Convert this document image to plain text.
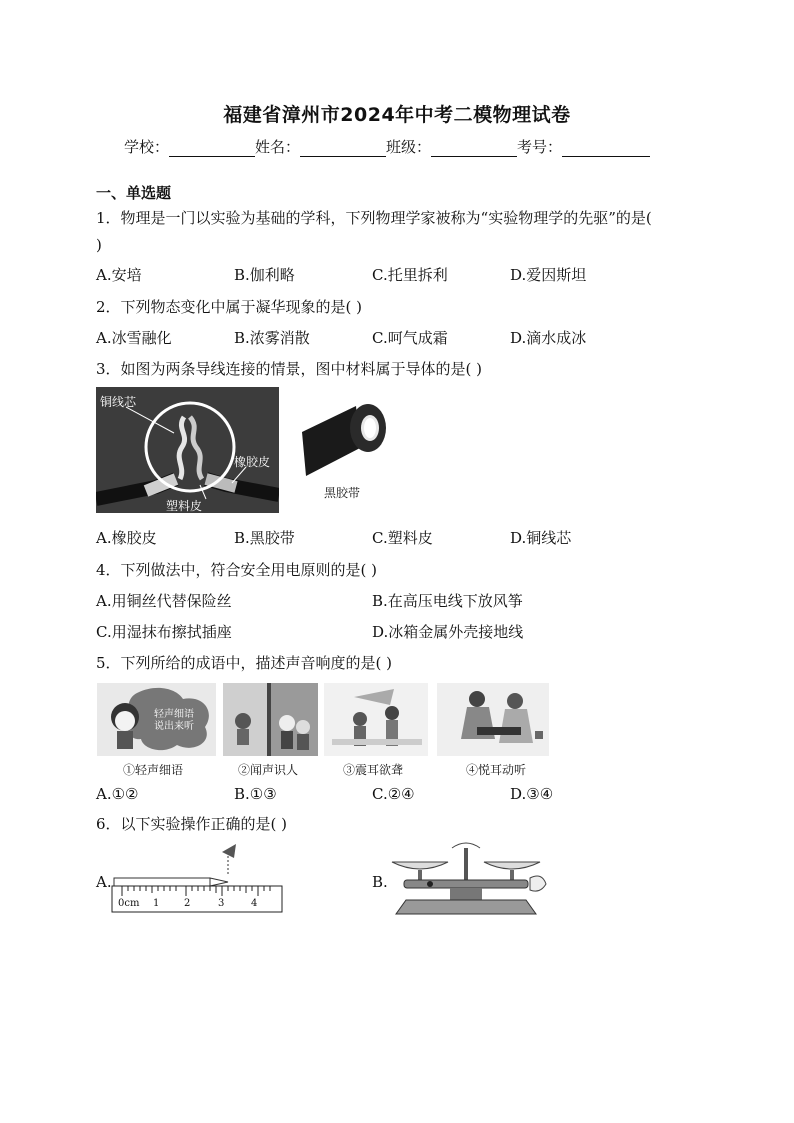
福建省漳州市2024年中考二模物理试卷
学校：	姓名：	班级：	考号：
一、单选题
1．物理是一门以实验为基础的学科，下列物理学家被称为“实验物理学的先驱”的是(
)
A.安培	B.伽利略	C.托里拆利	D.爱因斯坦
2．下列物态变化中属于凝华现象的是( )
A.冰雪融化	B.浓雾消散	C.呵气成霜	D.滴水成冰
3．如图为两条导线连接的情景，图中材料属于导体的是( )
铜线芯
橡胶皮
塑料皮
黑胶带
A.橡胶皮	B.黑胶带	C.塑料皮	D.铜线芯
4．下列做法中，符合安全用电原则的是( )
A.用铜丝代替保险丝	B.在高压电线下放风筝
C.用湿抹布擦拭插座	D.冰箱金属外壳接地线
5．下列所给的成语中，描述声音响度的是( )
轻声细语
说出来听
①轻声细语	②闻声识人	③震耳欲聋	④悦耳动听
A.①②	B.①③	C.②④	D.③④
6．以下实验操作正确的是( )
A.
0cm 1 2	3	4
B.
